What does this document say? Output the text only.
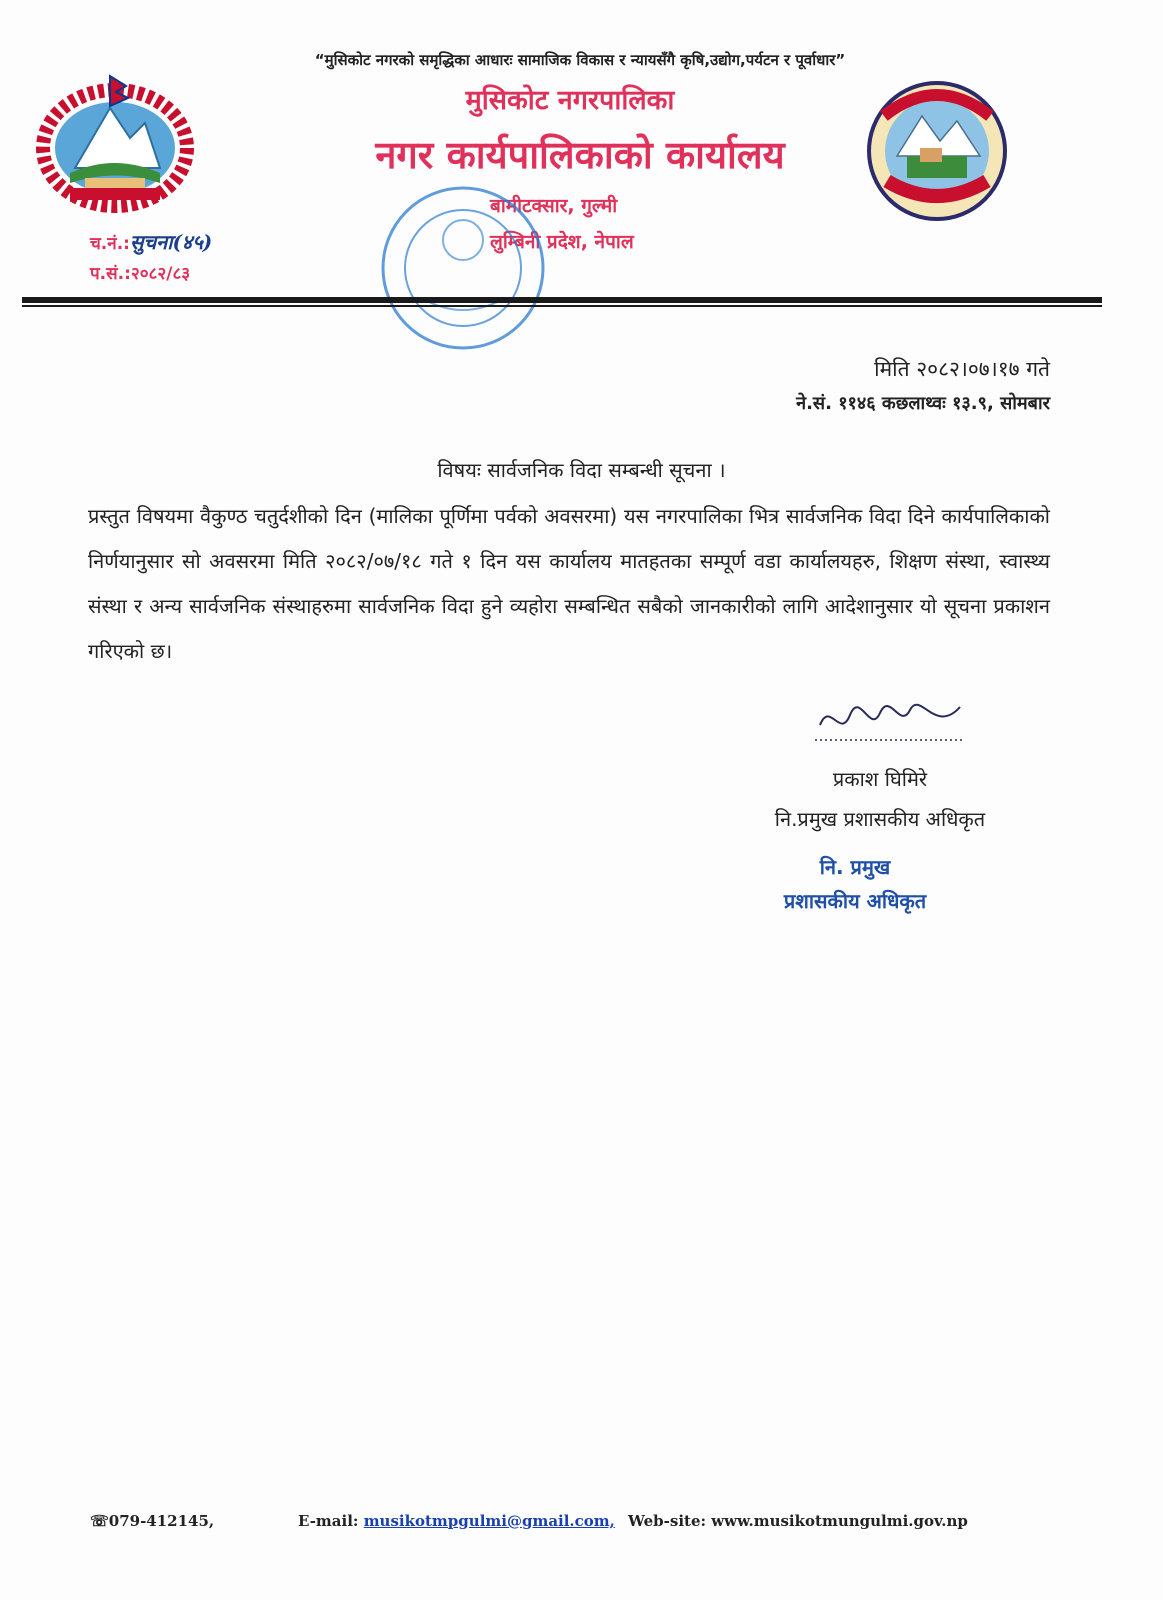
“मुसिकोट नगरको समृद्धिका आधारः सामाजिक विकास र न्यायसँगै कृषि,उद्योग,पर्यटन र पूर्वाधार”
मुसिकोट नगरपालिका
नगर कार्यपालिकाको कार्यालय
बामीटक्सार, गुल्मी
लुम्बिनी प्रदेश, नेपाल
च.नं.:सुचना(४५)
प.सं.:२०८२/८३
मिति २०८२।०७।१७ गते
ने.सं. ११४६ कछलाथ्वः १३.९, सोमबार
विषयः सार्वजनिक विदा सम्बन्धी सूचना ।
प्रस्तुत विषयमा वैकुण्ठ चतुर्दशीको दिन (मालिका पूर्णिमा पर्वको अवसरमा) यस नगरपालिका भित्र सार्वजनिक विदा दिने कार्यपालिकाको निर्णयानुसार सो अवसरमा मिति २०८२/०७/१८ गते १ दिन यस कार्यालय मातहतका सम्पूर्ण वडा कार्यालयहरु, शिक्षण संस्था, स्वास्थ्य संस्था र अन्य सार्वजनिक संस्थाहरुमा सार्वजनिक विदा हुने व्यहोरा सम्बन्धित सबैको जानकारीको लागि आदेशानुसार यो सूचना प्रकाशन गरिएको छ।
प्रकाश घिमिरे
नि.प्रमुख प्रशासकीय अधिकृत
नि. प्रमुख
प्रशासकीय अधिकृत
☏079-412145,	E-mail: musikotmpgulmi@gmail.com, Web-site: www.musikotmungulmi.gov.np
